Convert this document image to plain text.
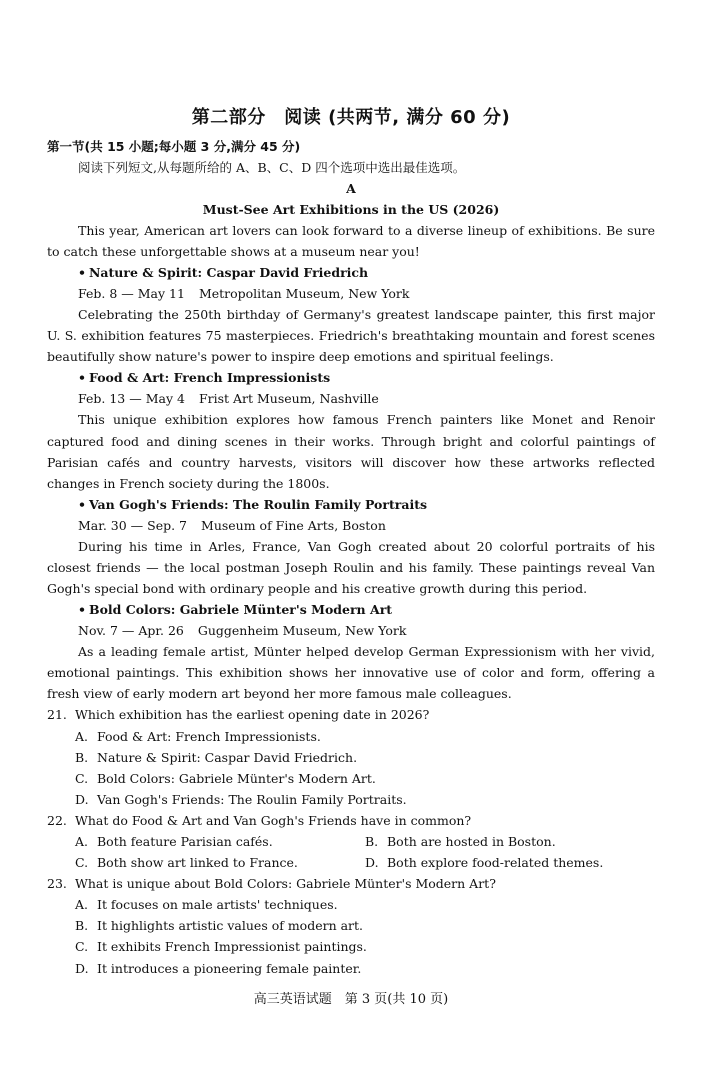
第二部分　阅读 (共两节, 满分 60 分)
第一节(共 15 小题;每小题 3 分,满分 45 分)
阅读下列短文,从每题所给的 A、B、C、D 四个选项中选出最佳选项。
A
Must-See Art Exhibitions in the US (2026)

This year, American art lovers can look forward to a diverse lineup of exhibitions. Be sure to catch these unforgettable shows at a museum near you!

• Nature & Spirit: Caspar David Friedrich
Feb. 8 — May 11 Metropolitan Museum, New York

Celebrating the 250th birthday of Germany's greatest landscape painter, this first major U. S. exhibition features 75 masterpieces. Friedrich's breathtaking mountain and forest scenes beautifully show nature's power to inspire deep emotions and spiritual feelings.

• Food & Art: French Impressionists
Feb. 13 — May 4 Frist Art Museum, Nashville

This unique exhibition explores how famous French painters like Monet and Renoir captured food and dining scenes in their works. Through bright and colorful paintings of Parisian cafés and country harvests, visitors will discover how these artworks reflected changes in French society during the 1800s.

• Van Gogh's Friends: The Roulin Family Portraits
Mar. 30 — Sep. 7 Museum of Fine Arts, Boston

During his time in Arles, France, Van Gogh created about 20 colorful portraits of his closest friends — the local postman Joseph Roulin and his family. These paintings reveal Van Gogh's special bond with ordinary people and his creative growth during this period.

• Bold Colors: Gabriele Münter's Modern Art
Nov. 7 — Apr. 26 Guggenheim Museum, New York

As a leading female artist, Münter helped develop German Expressionism with her vivid, emotional paintings. This exhibition shows her innovative use of color and form, offering a fresh view of early modern art beyond her more famous male colleagues.

21. Which exhibition has the earliest opening date in 2026?
A. Food & Art: French Impressionists.
B. Nature & Spirit: Caspar David Friedrich.
C. Bold Colors: Gabriele Münter's Modern Art.
D. Van Gogh's Friends: The Roulin Family Portraits.
22. What do Food & Art and Van Gogh's Friends have in common?
A. Both feature Parisian cafés.	B. Both are hosted in Boston.
C. Both show art linked to France.	D. Both explore food-related themes.
23. What is unique about Bold Colors: Gabriele Münter's Modern Art?
A. It focuses on male artists' techniques.
B. It highlights artistic values of modern art.
C. It exhibits French Impressionist paintings.
D. It introduces a pioneering female painter.
高三英语试题　第 3 页(共 10 页)
